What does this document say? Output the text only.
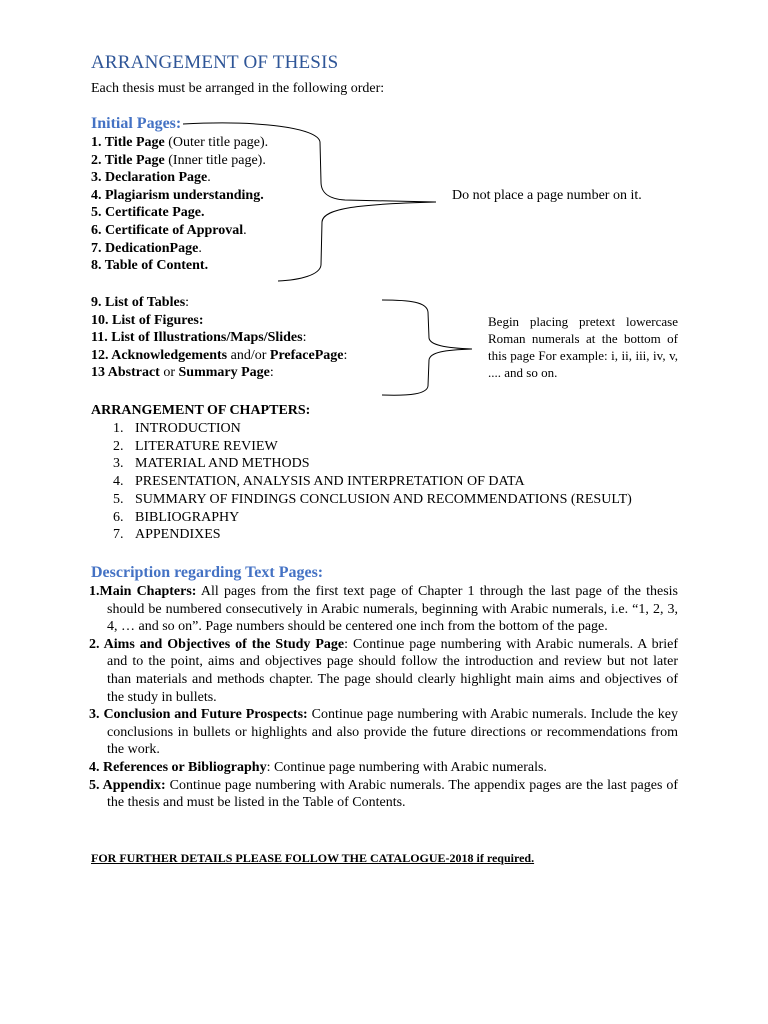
ARRANGEMENT OF THESIS
Each thesis must be arranged in the following order:
Initial Pages:
1. Title Page (Outer title page).
2. Title Page (Inner title page).
3. Declaration Page.
4. Plagiarism understanding.
5. Certificate Page.
6. Certificate of Approval.
7. DedicationPage.
8. Table of Content.
Do not place a page number on it.
9. List of Tables:
10. List of Figures:
11. List of Illustrations/Maps/Slides:
12. Acknowledgements and/or PrefacePage:
13 Abstract or Summary Page:
Begin placing pretext lowercase Roman numerals at the bottom of this page For example: i, ii, iii, iv, v, .... and so on.
ARRANGEMENT OF CHAPTERS:
1. INTRODUCTION
2. LITERATURE REVIEW
3. MATERIAL AND METHODS
4. PRESENTATION, ANALYSIS AND INTERPRETATION OF DATA
5. SUMMARY OF FINDINGS CONCLUSION AND RECOMMENDATIONS (RESULT)
6. BIBLIOGRAPHY
7. APPENDIXES
Description regarding Text Pages:
1.Main Chapters: All pages from the first text page of Chapter 1 through the last page of the thesis should be numbered consecutively in Arabic numerals, beginning with Arabic numerals, i.e. “1, 2, 3, 4, … and so on”. Page numbers should be centered one inch from the bottom of the page.
2. Aims and Objectives of the Study Page: Continue page numbering with Arabic numerals. A brief and to the point, aims and objectives page should follow the introduction and review but not later than materials and methods chapter. The page should clearly highlight main aims and objectives of the study in bullets.
3. Conclusion and Future Prospects: Continue page numbering with Arabic numerals. Include the key conclusions in bullets or highlights and also provide the future directions or recommendations from the work.
4. References or Bibliography: Continue page numbering with Arabic numerals.
5. Appendix: Continue page numbering with Arabic numerals. The appendix pages are the last pages of the thesis and must be listed in the Table of Contents.
FOR FURTHER DETAILS PLEASE FOLLOW THE CATALOGUE-2018 if required.
